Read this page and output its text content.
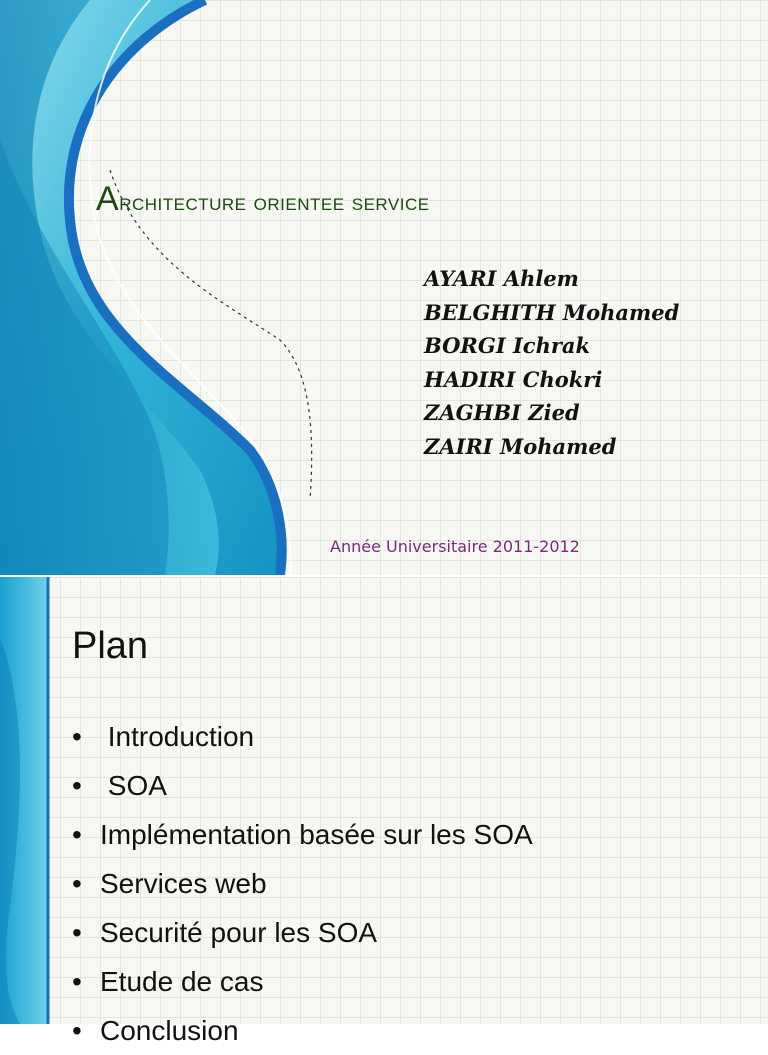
Architecture orientee service
AYARI Ahlem
BELGHITH Mohamed
BORGI Ichrak
HADIRI Chokri
ZAGHBI Zied
ZAIRI Mohamed
Année Universitaire 2011-2012
Plan
• Introduction
• SOA
• Implémentation basée sur les SOA
• Services web
• Securité pour les SOA
• Etude de cas
• Conclusion
